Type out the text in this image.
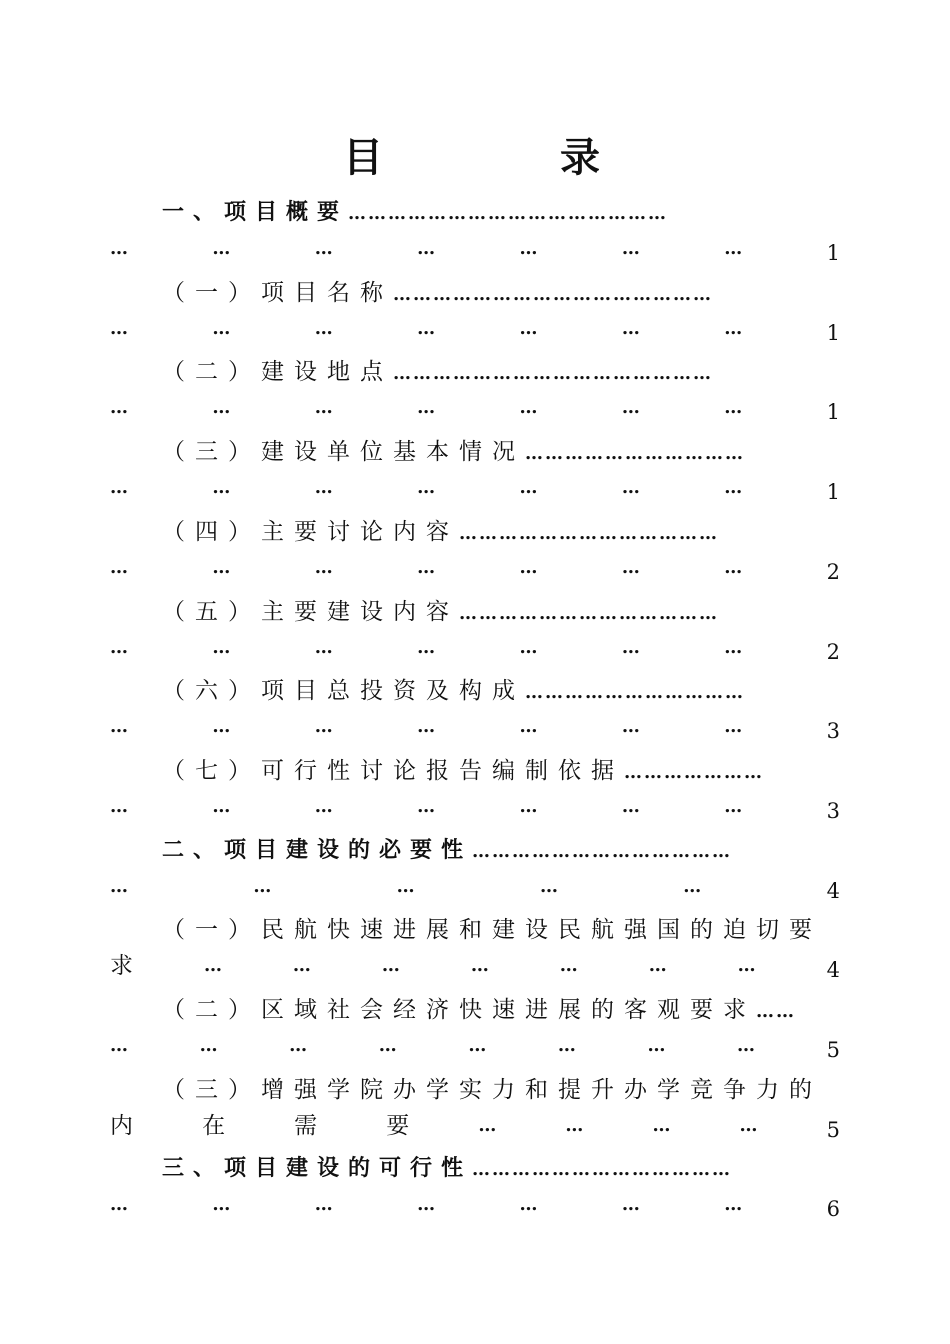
目	录
一、项目概要…………………………………………
…	…	…	…	…	…	…	1
（一）项目名称…………………………………………
…	…	…	…	…	…	…	1
（二）建设地点…………………………………………
…	…	…	…	…	…	…	1
（三）建设单位基本情况……………………………
…	…	…	…	…	…	…	1
（四）主要讨论内容…………………………………
…	…	…	…	…	…	…	2
（五）主要建设内容…………………………………
…	…	…	…	…	…	…	2
（六）项目总投资及构成……………………………
…	…	…	…	…	…	…	3
（七）可行性讨论报告编制依据…………………
…	…	…	…	…	…	…	3
二、项目建设的必要性…………………………………
…	…	…	…	…	4
（一）民航快速进展和建设民航强国的迫切要
求	…	…	…	…	…	…	…	4
（二）区域社会经济快速进展的客观要求……
…	…	…	…	…	…	…	…	5
（三）增强学院办学实力和提升办学竞争力的
内	在	需	要	…	…	…	…	5
三、项目建设的可行性…………………………………
…	…	…	…	…	…	…	6
